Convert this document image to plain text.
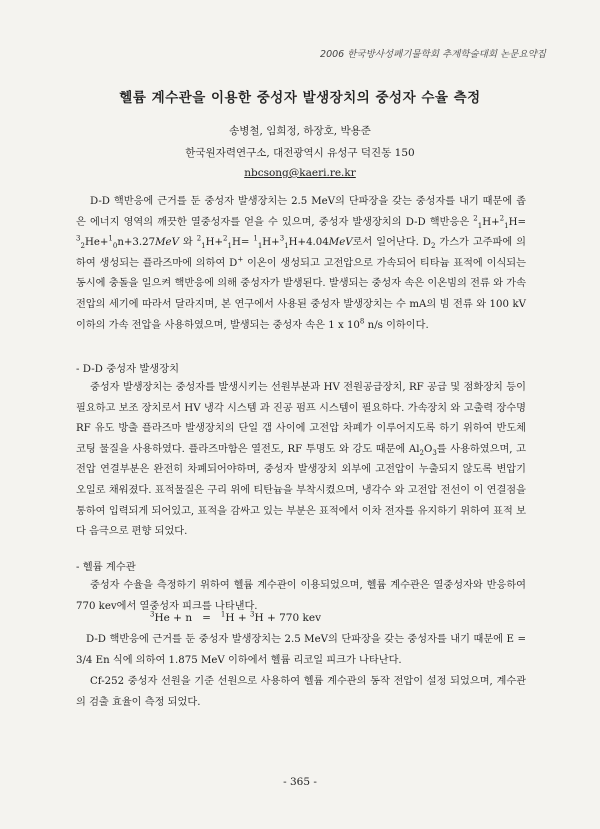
2006 한국방사성폐기물학회 추계학술대회 논문요약집
헬륨 계수관을 이용한 중성자 발생장치의 중성자 수율 측정
송병철, 임희정, 하장호, 박용준
한국원자력연구소, 대전광역시 유성구 덕진동 150
nbcsong@kaeri.re.kr
D-D 핵반응에 근거를 둔 중성자 발생장치는 2.5 MeV의 단파장을 갖는 중성자를 내기 때문에 좁은 에너지 영역의 깨끗한 열중성자를 얻을 수 있으며, 중성자 발생장치의 D-D 핵반응은 $^2_1$H+$^2_1$H= $^3_2$He+$^1_0$n+3.27MeV 와 $^2_1$H+$^2_1$H= $^1_1$H+$^3_1$H+4.04MeV로서 일어난다. $D_2$ 가스가 고주파에 의하여 생성되는 플라즈마에 의하여 D+ 이온이 생성되고 고전압으로 가속되어 티타늄 표적에 이식되는 동시에 충돌을 일으켜 핵반응에 의해 중성자가 발생된다. 발생되는 중성자 속은 이온빔의 전류 와 가속 전압의 세기에 따라서 달라지며, 본 연구에서 사용된 중성자 발생장치는 수 mA의 빔 전류 와 100 kV 이하의 가속 전압을 사용하였으며, 발생되는 중성자 속은 1 x $10^8$ n/s 이하이다.
- D-D 중성자 발생장치
중성자 발생장치는 중성자를 발생시키는 선원부분과 HV 전원공급장치, RF 공급 및 점화장치 등이 필요하고 보조 장치로서 HV 냉각 시스템 과 진공 펌프 시스템이 필요하다. 가속장치 와 고출력 장수명 RF 유도 방출 플라즈마 발생장치의 단일 갭 사이에 고전압 차폐가 이루어지도록 하기 위하여 반도체 코팅 물질을 사용하였다. 플라즈마함은 열전도, RF 투명도 와 강도 때문에 $Al_2O_3$를 사용하였으며, 고전압 연결부분은 완전히 차폐되어야하며, 중성자 발생장치 외부에 고전압이 누출되지 않도록 변압기 오일로 채워졌다. 표적물질은 구리 위에 티탄늄을 부착시켰으며, 냉각수 와 고전압 전선이 이 연결점을 통하여 입력되게 되어있고, 표적을 감싸고 있는 부분은 표적에서 이차 전자를 유지하기 위하여 표적 보다 음극으로 편향 되었다.
- 헬륨 계수관
중성자 수율을 측정하기 위하여 헬륨 계수관이 이용되었으며, 헬륨 계수관은 열중성자와 반응하여 770 kev에서 열중성자 피크를 나타낸다.
$^3$He + n = $^1$H + $^3$H + 770 kev
D-D 핵반응에 근거를 둔 중성자 발생장치는 2.5 MeV의 단파장을 갖는 중성자를 내기 때문에 E = 3/4 En 식에 의하여 1.875 MeV 이하에서 헬륨 리코일 피크가 나타난다.
Cf-252 중성자 선원을 기준 선원으로 사용하여 헬륨 계수관의 동작 전압이 설정 되었으며, 계수관의 검출 효율이 측정 되었다.
- 365 -
